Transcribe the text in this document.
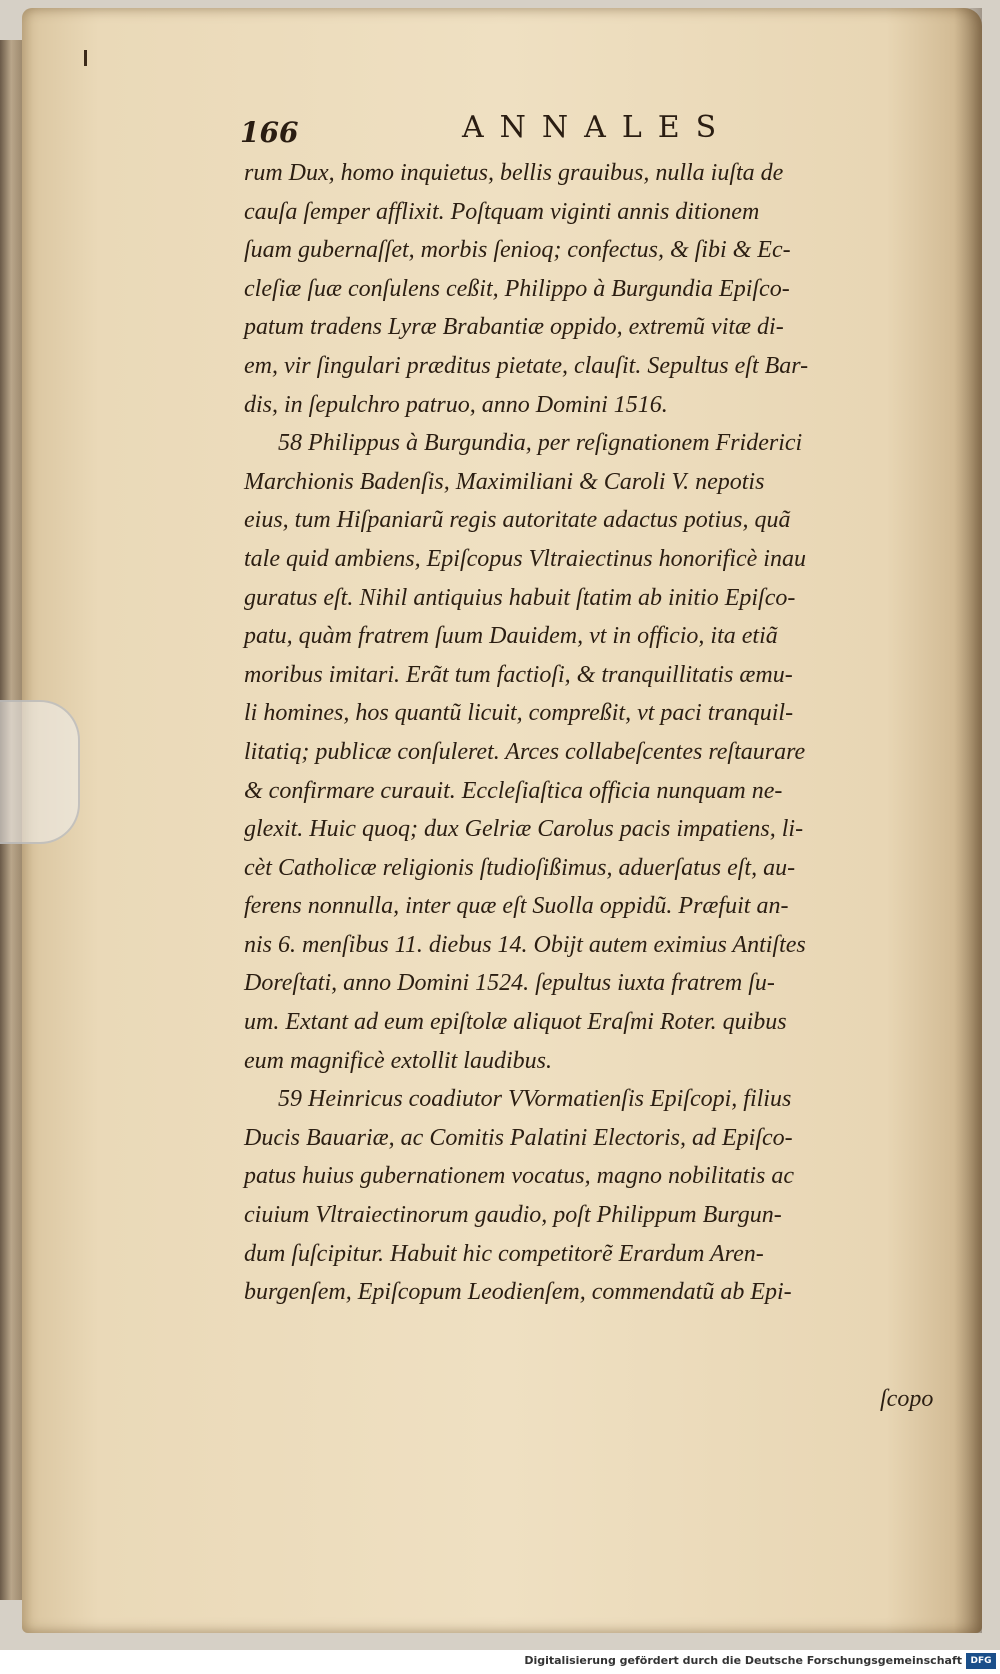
166	ANNALES
rum Dux, homo inquietus, bellis grauibus, nulla iuſta de
cauſa ſemper afflixit. Poſtquam viginti annis ditionem
ſuam gubernaſſet, morbis ſenioq; confectus, & ſibi & Ec-
cleſiæ ſuæ conſulens ceßit, Philippo à Burgundia Epiſco-
patum tradens Lyræ Brabantiæ oppido, extremũ vitæ di-
em, vir ſingulari præditus pietate, clauſit. Sepultus eſt Bar-
dis, in ſepulchro patruo, anno Domini 1516.
58 Philippus à Burgundia, per reſignationem Friderici
Marchionis Badenſis, Maximiliani & Caroli V. nepotis
eius, tum Hiſpaniarũ regis autoritate adactus potius, quã
tale quid ambiens, Epiſcopus Vltraiectinus honorificè inau
guratus eſt. Nihil antiquius habuit ſtatim ab initio Epiſco-
patu, quàm fratrem ſuum Dauidem, vt in officio, ita etiã
moribus imitari. Erãt tum factioſi, & tranquillitatis æmu-
li homines, hos quantũ licuit, compreßit, vt paci tranquil-
litatiq; publicæ conſuleret. Arces collabeſcentes reſtaurare
& confirmare curauit. Eccleſiaſtica officia nunquam ne-
glexit. Huic quoq; dux Gelriæ Carolus pacis impatiens, li-
cèt Catholicæ religionis ſtudioſißimus, aduerſatus eſt, au-
ferens nonnulla, inter quæ eſt Suolla oppidũ. Præfuit an-
nis 6. menſibus 11. diebus 14. Obijt autem eximius Antiſtes
Doreſtati, anno Domini 1524. ſepultus iuxta fratrem ſu-
um. Extant ad eum epiſtolæ aliquot Eraſmi Roter. quibus
eum magnificè extollit laudibus.
59 Heinricus coadiutor VVormatienſis Epiſcopi, filius
Ducis Bauariæ, ac Comitis Palatini Electoris, ad Epiſco-
patus huius gubernationem vocatus, magno nobilitatis ac
ciuium Vltraiectinorum gaudio, poſt Philippum Burgun-
dum ſuſcipitur. Habuit hic competitorẽ Erardum Aren-
burgenſem, Epiſcopum Leodienſem, commendatũ ab Epi-
ſcopo
Digitalisierung gefördert durch die Deutsche Forschungsgemeinschaft DFG
